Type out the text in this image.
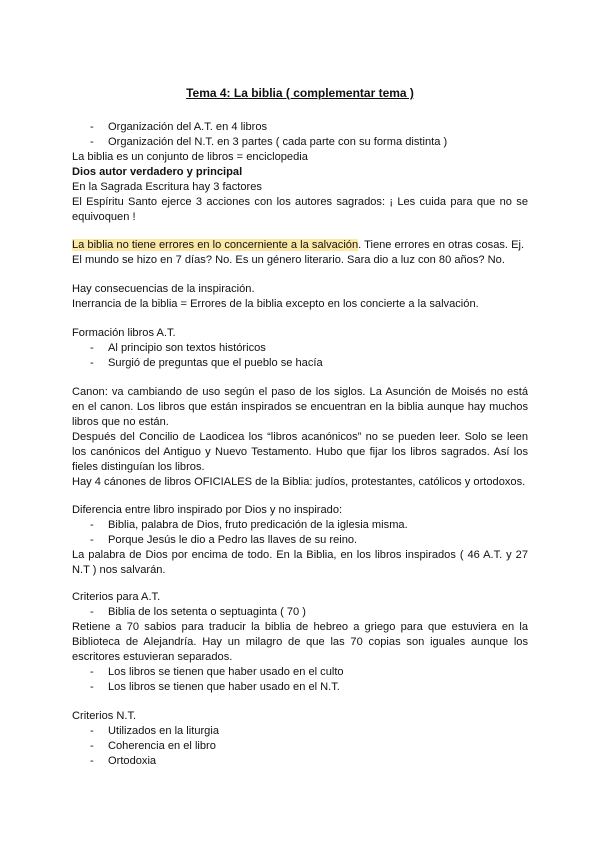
Tema 4: La biblia ( complementar tema )
- Organización del A.T. en 4 libros
- Organización del N.T. en 3 partes ( cada parte con su forma distinta )
La biblia es un conjunto de libros = enciclopedia
Dios autor verdadero y principal
En la Sagrada Escritura hay 3 factores
El Espíritu Santo ejerce 3 acciones con los autores sagrados: ¡ Les cuida para que no se
equivoquen !
La biblia no tiene errores en lo concerniente a la salvación. Tiene errores en otras cosas. Ej.
El mundo se hizo en 7 días? No. Es un género literario. Sara dio a luz con 80 años? No.
Hay consecuencias de la inspiración.
Inerrancia de la biblia = Errores de la biblia excepto en los concierte a la salvación.
Formación libros A.T.
- Al principio son textos históricos
- Surgió de preguntas que el pueblo se hacía
Canon: va cambiando de uso según el paso de los siglos. La Asunción de Moisés no está
en el canon. Los libros que están inspirados se encuentran en la biblia aunque hay muchos
libros que no están.
Después del Concilio de Laodicea los “libros acanónicos” no se pueden leer. Solo se leen
los canónicos del Antiguo y Nuevo Testamento. Hubo que fijar los libros sagrados. Así los
fieles distinguían los libros.
Hay 4 cánones de libros OFICIALES de la Biblia: judíos, protestantes, católicos y ortodoxos.
Diferencia entre libro inspirado por Dios y no inspirado:
- Biblia, palabra de Dios, fruto predicación de la iglesia misma.
- Porque Jesús le dio a Pedro las llaves de su reino.
La palabra de Dios por encima de todo. En la Biblia, en los libros inspirados ( 46 A.T. y 27
N.T ) nos salvarán.
Criterios para A.T.
- Biblia de los setenta o septuaginta ( 70 )
Retiene a 70 sabios para traducir la biblia de hebreo a griego para que estuviera en la
Biblioteca de Alejandría. Hay un milagro de que las 70 copias son iguales aunque los
escritores estuvieran separados.
- Los libros se tienen que haber usado en el culto
- Los libros se tienen que haber usado en el N.T.
Criterios N.T.
- Utilizados en la liturgia
- Coherencia en el libro
- Ortodoxia
